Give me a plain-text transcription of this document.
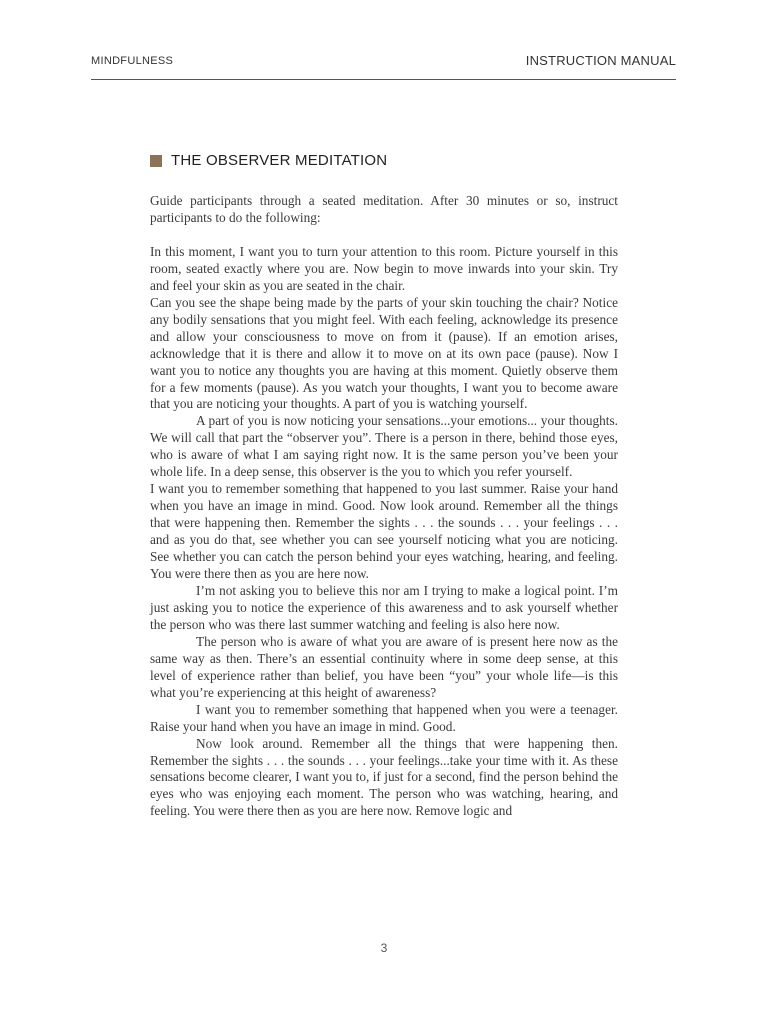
MINDFULNESS	INSTRUCTION MANUAL
THE OBSERVER MEDITATION

Guide participants through a seated meditation. After 30 minutes or so, instruct participants to do the following:

In this moment, I want you to turn your attention to this room. Picture yourself in this room, seated exactly where you are. Now begin to move inwards into your skin. Try and feel your skin as you are seated in the chair.

Can you see the shape being made by the parts of your skin touching the chair? Notice any bodily sensations that you might feel. With each feeling, acknowledge its presence and allow your consciousness to move on from it (pause). If an emotion arises, acknowledge that it is there and allow it to move on at its own pace (pause). Now I want you to notice any thoughts you are having at this moment. Quietly observe them for a few moments (pause). As you watch your thoughts, I want you to become aware that you are noticing your thoughts. A part of you is watching yourself.

A part of you is now noticing your sensations...your emotions... your thoughts. We will call that part the “observer you”. There is a person in there, behind those eyes, who is aware of what I am saying right now. It is the same person you’ve been your whole life. In a deep sense, this observer is the you to which you refer yourself.

I want you to remember something that happened to you last summer. Raise your hand when you have an image in mind. Good. Now look around. Remember all the things that were happening then. Remember the sights . . . the sounds . . . your feelings . . . and as you do that, see whether you can see yourself noticing what you are noticing. See whether you can catch the person behind your eyes watching, hearing, and feeling. You were there then as you are here now.

I’m not asking you to believe this nor am I trying to make a logical point. I’m just asking you to notice the experience of this awareness and to ask yourself whether the person who was there last summer watching and feeling is also here now.

The person who is aware of what you are aware of is present here now as the same way as then. There’s an essential continuity where in some deep sense, at this level of experience rather than belief, you have been “you” your whole life—is this what you’re experiencing at this height of awareness?

I want you to remember something that happened when you were a teenager. Raise your hand when you have an image in mind. Good.

Now look around. Remember all the things that were happening then. Remember the sights . . . the sounds . . . your feelings...take your time with it. As these sensations become clearer, I want you to, if just for a second, find the person behind the eyes who was enjoying each moment. The person who was watching, hearing, and feeling. You were there then as you are here now. Remove logic and

3
